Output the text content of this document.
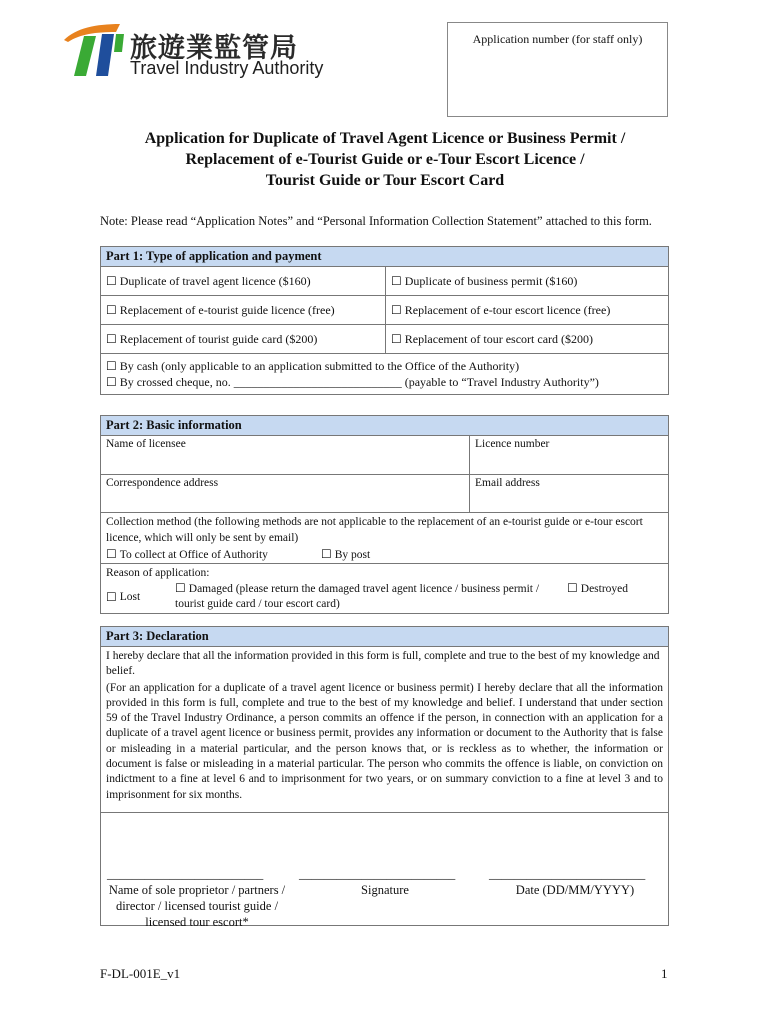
旅遊業監管局
Travel Industry Authority
Application number (for staff only)
Application for Duplicate of Travel Agent Licence or Business Permit /
Replacement of e-Tourist Guide or e-Tour Escort Licence /
Tourist Guide or Tour Escort Card
Note: Please read “Application Notes” and “Personal Information Collection Statement” attached to this form.
Part 1: Type of application and payment
☐ Duplicate of travel agent licence ($160)	☐ Duplicate of business permit ($160)
☐ Replacement of e-tourist guide licence (free)	☐ Replacement of e-tour escort licence (free)
☐ Replacement of tourist guide card ($200)	☐ Replacement of tour escort card ($200)
☐ By cash (only applicable to an application submitted to the Office of the Authority)
☐ By crossed cheque, no. ____________________________ (payable to “Travel Industry Authority”)
Part 2: Basic information
Name of licensee	Licence number
Correspondence address	Email address
Collection method (the following methods are not applicable to the replacement of an e-tourist guide or e-tour escort licence, which will only be sent by email)
☐ To collect at Office of Authority	☐ By post
Reason of application:
☐ Lost
☐ Damaged (please return the damaged travel agent licence / business permit / tourist guide card / tour escort card)
☐ Destroyed
Part 3: Declaration

I hereby declare that all the information provided in this form is full, complete and true to the best of my knowledge and belief.

(For an application for a duplicate of a travel agent licence or business permit) I hereby declare that all the information provided in this form is full, complete and true to the best of my knowledge and belief. I understand that under section 59 of the Travel Industry Ordinance, a person commits an offence if the person, in connection with an application for a duplicate of a travel agent licence or business permit, provides any information or document to the Authority that is false or misleading in a material particular, and the person knows that, or is reckless as to whether, the information or document is false or misleading in a material particular. The person who commits the offence is liable, on conviction on indictment to a fine at level 6 and to imprisonment for two years, or on summary conviction to a fine at level 3 and to imprisonment for six months.

_________________________
Name of sole proprietor / partners / director / licensed tourist guide / licensed tour escort*
_________________________
Signature
_________________________
Date (DD/MM/YYYY)
F-DL-001E_v1	1
